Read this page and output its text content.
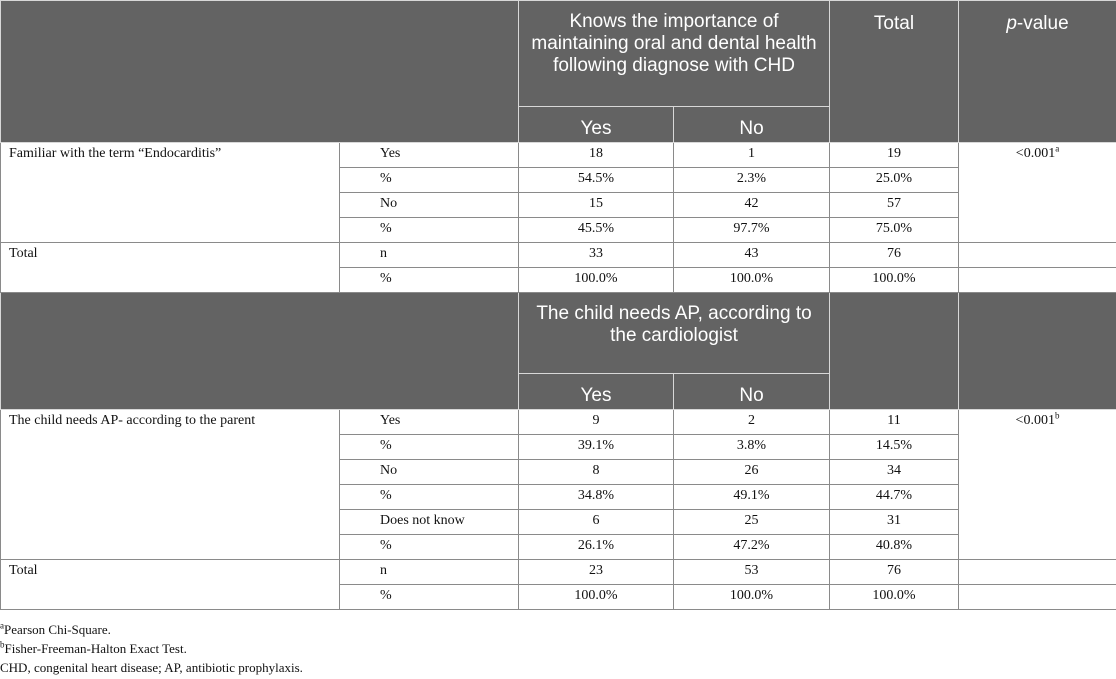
		Knows the importance of maintaining oral and dental health following diagnose with CHD		Total	p-value
		Yes	No		
Familiar with the term “Endocarditis”	Yes	18	1	19	<0.001$^a$
	%	54.5%	2.3%	25.0%	
	No	15	42	57	
	%	45.5%	97.7%	75.0%	
Total	n	33	43	76	
	%	100.0%	100.0%	100.0%	
		The child needs AP, according to the cardiologist			
		Yes	No		
The child needs AP- according to the parent	Yes	9	2	11	<0.001$^b$
	%	39.1%	3.8%	14.5%	
	No	8	26	34	
	%	34.8%	49.1%	44.7%	
	Does not know	6	25	31	
	%	26.1%	47.2%	40.8%	
Total	n	23	53	76	
	%	100.0%	100.0%	100.0%	
$^a$Pearson Chi-Square.
$^b$Fisher-Freeman-Halton Exact Test.
CHD, congenital heart disease; AP, antibiotic prophylaxis.
